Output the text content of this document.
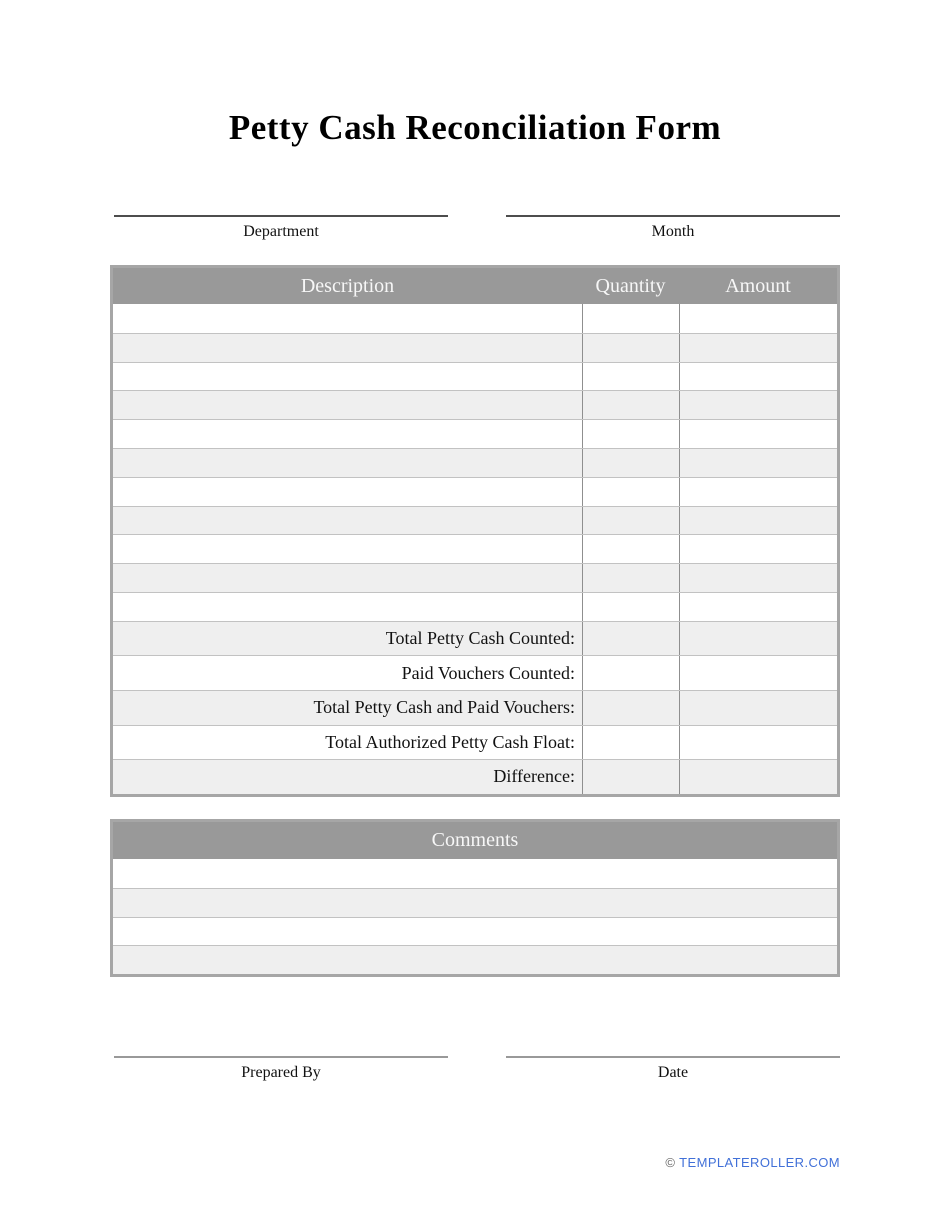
Petty Cash Reconciliation Form
Department	Month
Description	Quantity	Amount
Total Petty Cash Counted:
Paid Vouchers Counted:
Total Petty Cash and Paid Vouchers:
Total Authorized Petty Cash Float:
Difference:
Comments
Prepared By	Date
© TEMPLATEROLLER.COM
